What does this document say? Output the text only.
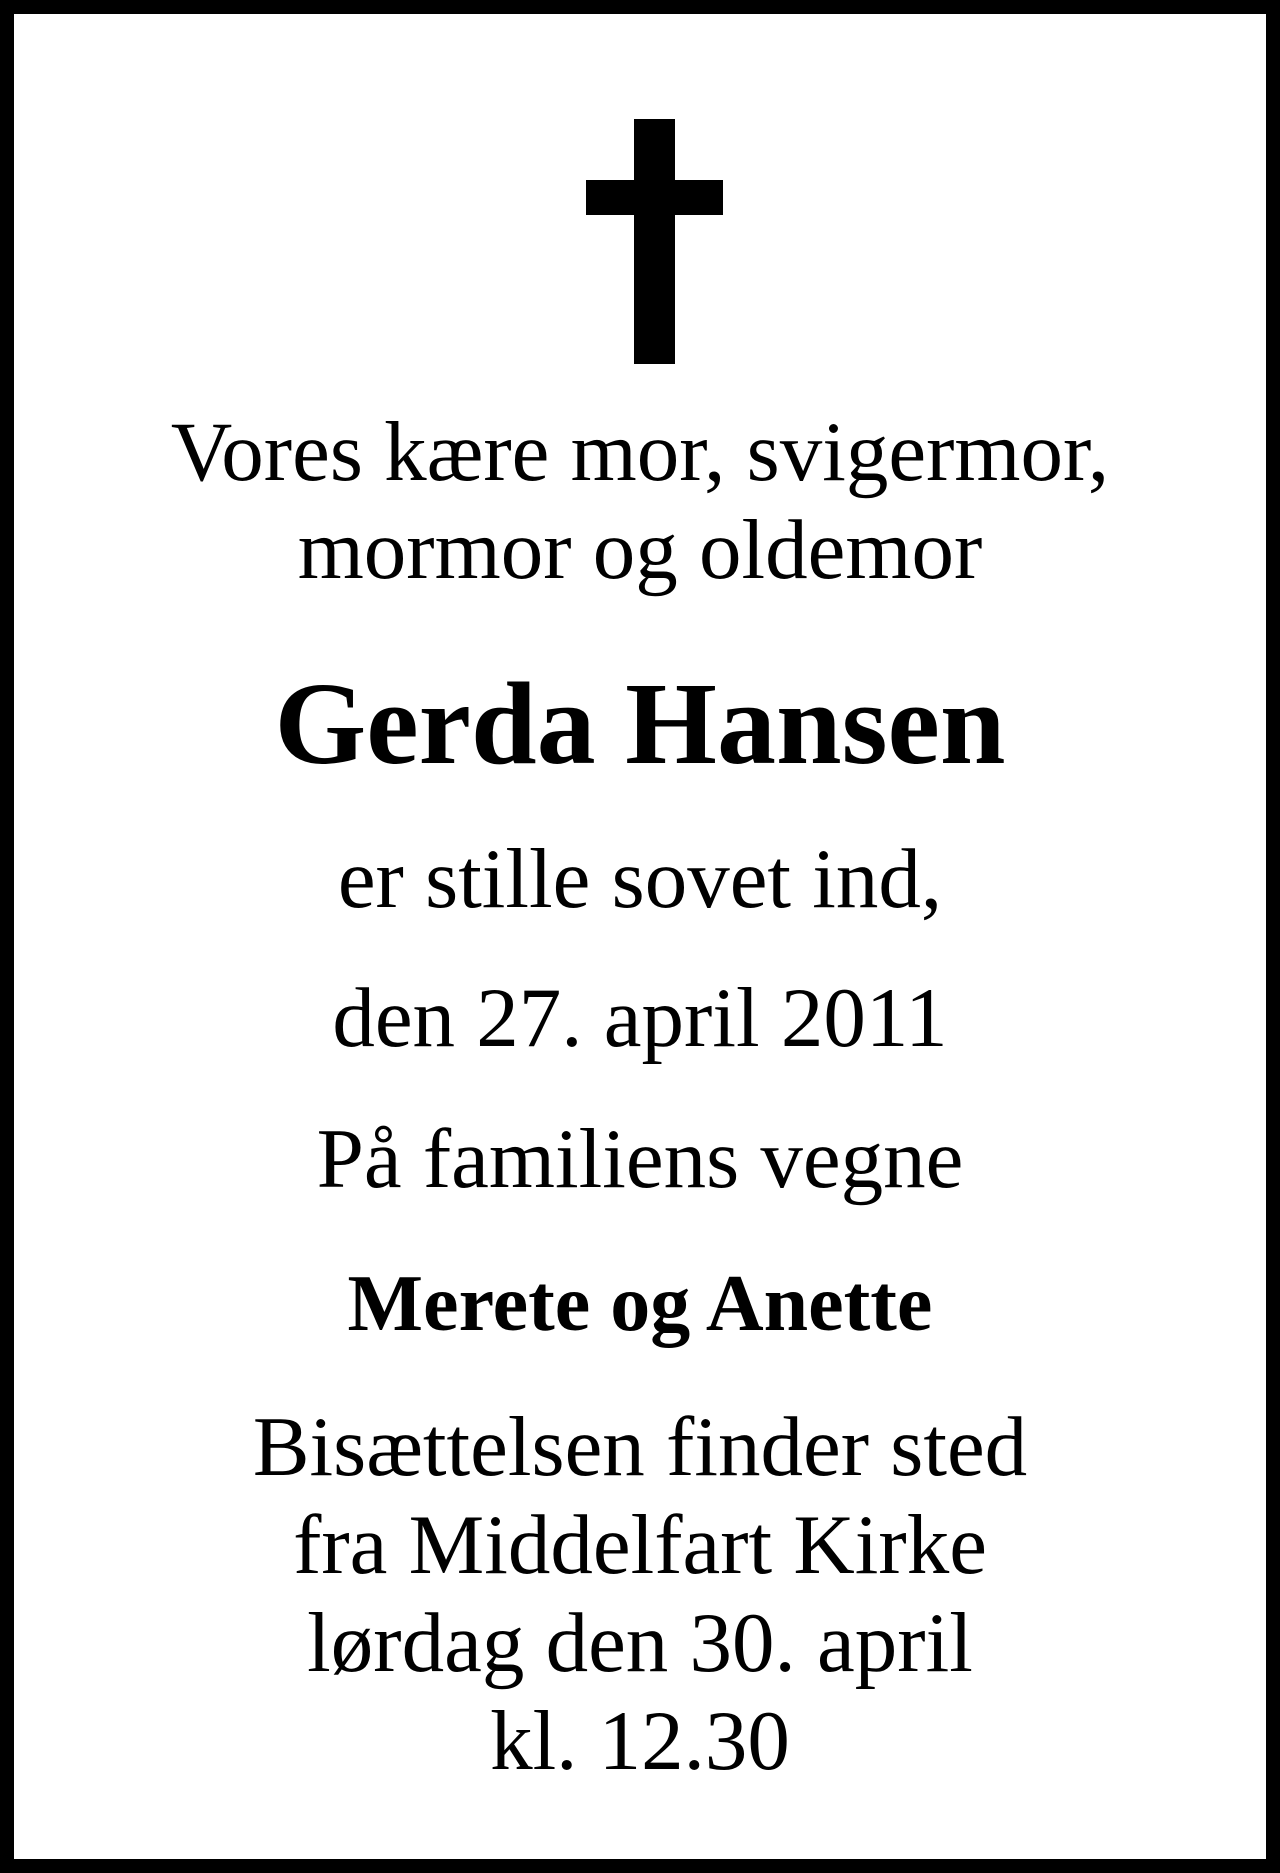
Vores kære mor, svigermor,
mormor og oldemor

Gerda Hansen

er stille sovet ind,

den 27. april 2011

På familiens vegne

Merete og Anette

Bisættelsen finder sted
fra Middelfart Kirke
lørdag den 30. april
kl. 12.30
